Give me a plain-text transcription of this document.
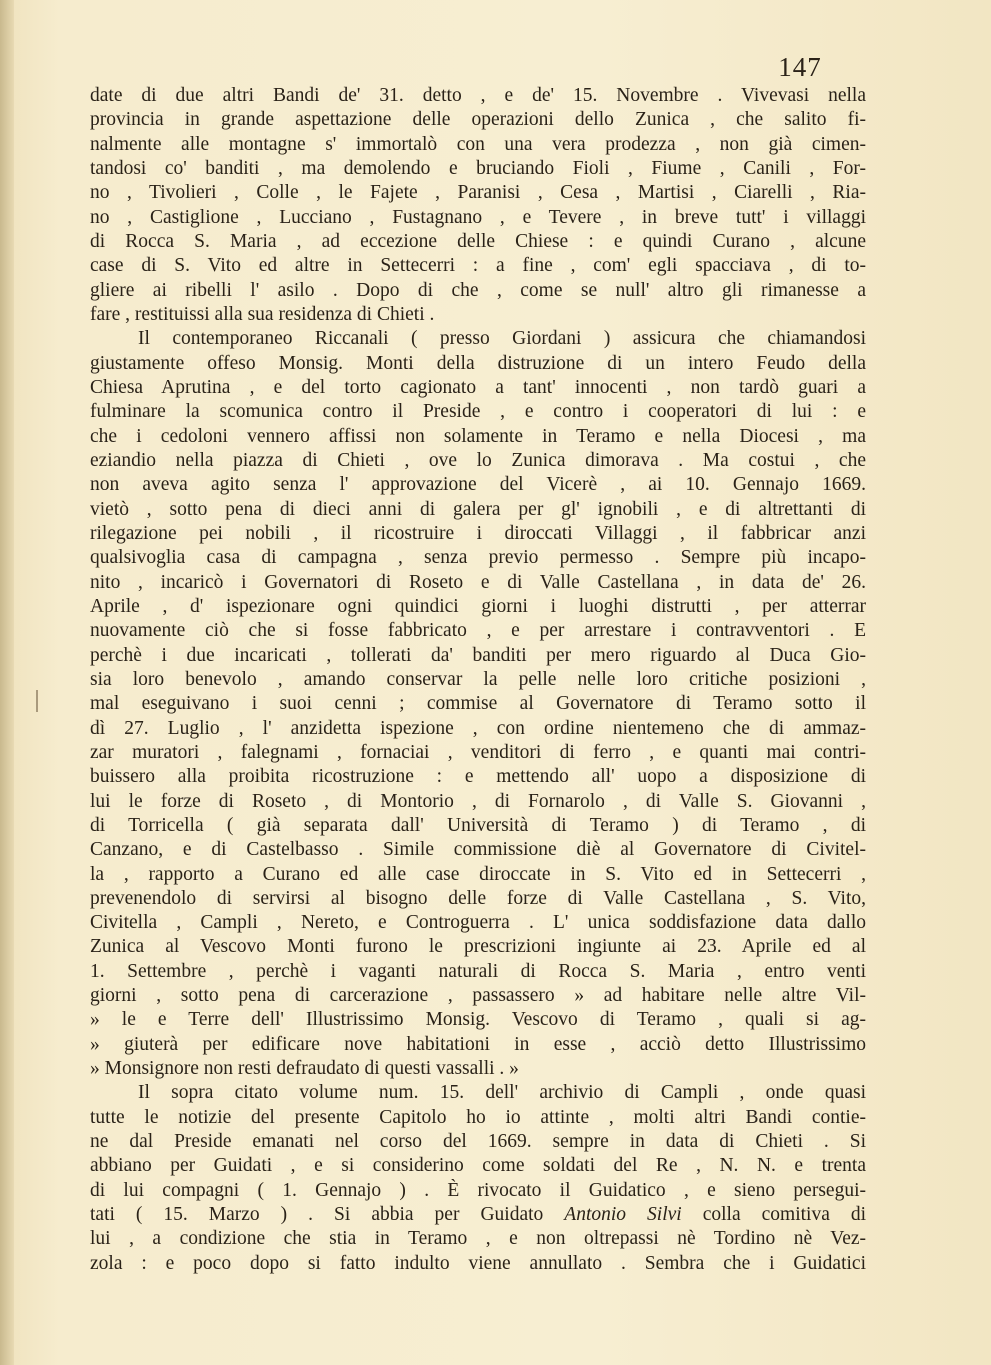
147
date di due altri Bandi de' 31. detto , e de' 15. Novembre . Vivevasi nella
provincia in grande aspettazione delle operazioni dello Zunica , che salito fi-
nalmente alle montagne s' immortalò con una vera prodezza , non già cimen-
tandosi co' banditi , ma demolendo e bruciando Fioli , Fiume , Canili , For-
no , Tivolieri , Colle , le Fajete , Paranisi , Cesa , Martisi , Ciarelli , Ria-
no , Castiglione , Lucciano , Fustagnano , e Tevere , in breve tutt' i villaggi
di Rocca S. Maria , ad eccezione delle Chiese : e quindi Curano , alcune
case di S. Vito ed altre in Settecerri : a fine , com' egli spacciava , di to-
gliere ai ribelli l' asilo . Dopo di che , come se null' altro gli rimanesse a
fare , restituissi alla sua residenza di Chieti .
Il contemporaneo Riccanali ( presso Giordani ) assicura che chiamandosi
giustamente offeso Monsig. Monti della distruzione di un intero Feudo della
Chiesa Aprutina , e del torto cagionato a tant' innocenti , non tardò guari a
fulminare la scomunica contro il Preside , e contro i cooperatori di lui : e
che i cedoloni vennero affissi non solamente in Teramo e nella Diocesi , ma
eziandio nella piazza di Chieti , ove lo Zunica dimorava . Ma costui , che
non aveva agito senza l' approvazione del Vicerè , ai 10. Gennajo 1669.
vietò , sotto pena di dieci anni di galera per gl' ignobili , e di altrettanti di
rilegazione pei nobili , il ricostruire i diroccati Villaggi , il fabbricar anzi
qualsivoglia casa di campagna , senza previo permesso . Sempre più incapo-
nito , incaricò i Governatori di Roseto e di Valle Castellana , in data de' 26.
Aprile , d' ispezionare ogni quindici giorni i luoghi distrutti , per atterrar
nuovamente ciò che si fosse fabbricato , e per arrestare i contravventori . E
perchè i due incaricati , tollerati da' banditi per mero riguardo al Duca Gio-
sia loro benevolo , amando conservar la pelle nelle loro critiche posizioni ,
mal eseguivano i suoi cenni ; commise al Governatore di Teramo sotto il
dì 27. Luglio , l' anzidetta ispezione , con ordine nientemeno che di ammaz-
zar muratori , falegnami , fornaciai , venditori di ferro , e quanti mai contri-
buissero alla proibita ricostruzione : e mettendo all' uopo a disposizione di
lui le forze di Roseto , di Montorio , di Fornarolo , di Valle S. Giovanni ,
di Torricella ( già separata dall' Università di Teramo ) di Teramo , di
Canzano, e di Castelbasso . Simile commissione diè al Governatore di Civitel-
la , rapporto a Curano ed alle case diroccate in S. Vito ed in Settecerri ,
prevenendolo di servirsi al bisogno delle forze di Valle Castellana , S. Vito,
Civitella , Campli , Nereto, e Controguerra . L' unica soddisfazione data dallo
Zunica al Vescovo Monti furono le prescrizioni ingiunte ai 23. Aprile ed al
1. Settembre , perchè i vaganti naturali di Rocca S. Maria , entro venti
giorni , sotto pena di carcerazione , passassero » ad habitare nelle altre Vil-
» le e Terre dell' Illustrissimo Monsig. Vescovo di Teramo , quali si ag-
» giuterà per edificare nove habitationi in esse , acciò detto Illustrissimo
» Monsignore non resti defraudato di questi vassalli . »
Il sopra citato volume num. 15. dell' archivio di Campli , onde quasi
tutte le notizie del presente Capitolo ho io attinte , molti altri Bandi contie-
ne dal Preside emanati nel corso del 1669. sempre in data di Chieti . Si
abbiano per Guidati , e si considerino come soldati del Re , N. N. e trenta
di lui compagni ( 1. Gennajo ) . È rivocato il Guidatico , e sieno persegui-
tati ( 15. Marzo ) . Si abbia per Guidato Antonio Silvi colla comitiva di
lui , a condizione che stia in Teramo , e non oltrepassi nè Tordino nè Vez-
zola : e poco dopo si fatto indulto viene annullato . Sembra che i Guidatici
